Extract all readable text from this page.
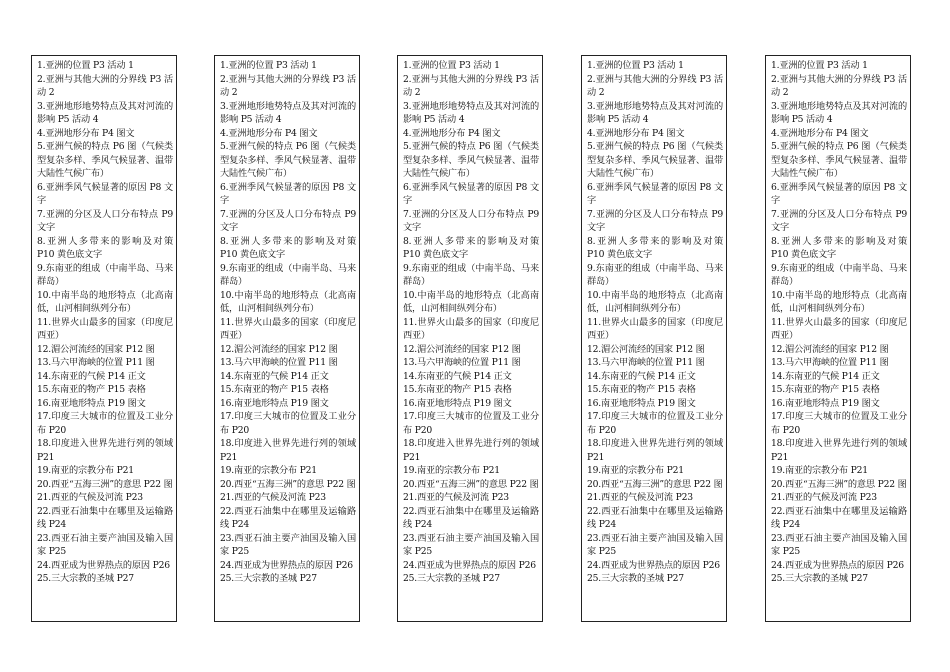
1.亚洲的位置 P3 活动 1
2.亚洲与其他大洲的分界线 P3 活动 2
3.亚洲地形地势特点及其对河流的影响 P5 活动 4
4.亚洲地形分布 P4 图文
5.亚洲气候的特点 P6 图（气候类型复杂多样、季风气候显著、温带大陆性气候广布）
6.亚洲季风气候显著的原因 P8 文字
7.亚洲的分区及人口分布特点 P9 文字
8.亚洲人多带来的影响及对策 P10 黄色底文字
9.东南亚的组成（中南半岛、马来群岛）
10.中南半岛的地形特点（北高南低，山河相间纵列分布）
11.世界火山最多的国家（印度尼西亚）
12.湄公河流经的国家 P12 图
13.马六甲海峡的位置 P11 图
14.东南亚的气候 P14 正文
15.东南亚的物产 P15 表格
16.南亚地形特点 P19 图文
17.印度三大城市的位置及工业分布 P20
18.印度进入世界先进行列的领域 P21
19.南亚的宗教分布 P21
20.西亚“五海三洲”的意思 P22 图
21.西亚的气候及河流 P23
22.西亚石油集中在哪里及运输路线 P24
23.西亚石油主要产油国及输入国家 P25
24.西亚成为世界热点的原因 P26
25.三大宗教的圣城 P27
1.亚洲的位置 P3 活动 1
2.亚洲与其他大洲的分界线 P3 活动 2
3.亚洲地形地势特点及其对河流的影响 P5 活动 4
4.亚洲地形分布 P4 图文
5.亚洲气候的特点 P6 图（气候类型复杂多样、季风气候显著、温带大陆性气候广布）
6.亚洲季风气候显著的原因 P8 文字
7.亚洲的分区及人口分布特点 P9 文字
8.亚洲人多带来的影响及对策 P10 黄色底文字
9.东南亚的组成（中南半岛、马来群岛）
10.中南半岛的地形特点（北高南低，山河相间纵列分布）
11.世界火山最多的国家（印度尼西亚）
12.湄公河流经的国家 P12 图
13.马六甲海峡的位置 P11 图
14.东南亚的气候 P14 正文
15.东南亚的物产 P15 表格
16.南亚地形特点 P19 图文
17.印度三大城市的位置及工业分布 P20
18.印度进入世界先进行列的领域 P21
19.南亚的宗教分布 P21
20.西亚“五海三洲”的意思 P22 图
21.西亚的气候及河流 P23
22.西亚石油集中在哪里及运输路线 P24
23.西亚石油主要产油国及输入国家 P25
24.西亚成为世界热点的原因 P26
25.三大宗教的圣城 P27
1.亚洲的位置 P3 活动 1
2.亚洲与其他大洲的分界线 P3 活动 2
3.亚洲地形地势特点及其对河流的影响 P5 活动 4
4.亚洲地形分布 P4 图文
5.亚洲气候的特点 P6 图（气候类型复杂多样、季风气候显著、温带大陆性气候广布）
6.亚洲季风气候显著的原因 P8 文字
7.亚洲的分区及人口分布特点 P9 文字
8.亚洲人多带来的影响及对策 P10 黄色底文字
9.东南亚的组成（中南半岛、马来群岛）
10.中南半岛的地形特点（北高南低，山河相间纵列分布）
11.世界火山最多的国家（印度尼西亚）
12.湄公河流经的国家 P12 图
13.马六甲海峡的位置 P11 图
14.东南亚的气候 P14 正文
15.东南亚的物产 P15 表格
16.南亚地形特点 P19 图文
17.印度三大城市的位置及工业分布 P20
18.印度进入世界先进行列的领域 P21
19.南亚的宗教分布 P21
20.西亚“五海三洲”的意思 P22 图
21.西亚的气候及河流 P23
22.西亚石油集中在哪里及运输路线 P24
23.西亚石油主要产油国及输入国家 P25
24.西亚成为世界热点的原因 P26
25.三大宗教的圣城 P27
1.亚洲的位置 P3 活动 1
2.亚洲与其他大洲的分界线 P3 活动 2
3.亚洲地形地势特点及其对河流的影响 P5 活动 4
4.亚洲地形分布 P4 图文
5.亚洲气候的特点 P6 图（气候类型复杂多样、季风气候显著、温带大陆性气候广布）
6.亚洲季风气候显著的原因 P8 文字
7.亚洲的分区及人口分布特点 P9 文字
8.亚洲人多带来的影响及对策 P10 黄色底文字
9.东南亚的组成（中南半岛、马来群岛）
10.中南半岛的地形特点（北高南低，山河相间纵列分布）
11.世界火山最多的国家（印度尼西亚）
12.湄公河流经的国家 P12 图
13.马六甲海峡的位置 P11 图
14.东南亚的气候 P14 正文
15.东南亚的物产 P15 表格
16.南亚地形特点 P19 图文
17.印度三大城市的位置及工业分布 P20
18.印度进入世界先进行列的领域 P21
19.南亚的宗教分布 P21
20.西亚“五海三洲”的意思 P22 图
21.西亚的气候及河流 P23
22.西亚石油集中在哪里及运输路线 P24
23.西亚石油主要产油国及输入国家 P25
24.西亚成为世界热点的原因 P26
25.三大宗教的圣城 P27
1.亚洲的位置 P3 活动 1
2.亚洲与其他大洲的分界线 P3 活动 2
3.亚洲地形地势特点及其对河流的影响 P5 活动 4
4.亚洲地形分布 P4 图文
5.亚洲气候的特点 P6 图（气候类型复杂多样、季风气候显著、温带大陆性气候广布）
6.亚洲季风气候显著的原因 P8 文字
7.亚洲的分区及人口分布特点 P9 文字
8.亚洲人多带来的影响及对策 P10 黄色底文字
9.东南亚的组成（中南半岛、马来群岛）
10.中南半岛的地形特点（北高南低，山河相间纵列分布）
11.世界火山最多的国家（印度尼西亚）
12.湄公河流经的国家 P12 图
13.马六甲海峡的位置 P11 图
14.东南亚的气候 P14 正文
15.东南亚的物产 P15 表格
16.南亚地形特点 P19 图文
17.印度三大城市的位置及工业分布 P20
18.印度进入世界先进行列的领域 P21
19.南亚的宗教分布 P21
20.西亚“五海三洲”的意思 P22 图
21.西亚的气候及河流 P23
22.西亚石油集中在哪里及运输路线 P24
23.西亚石油主要产油国及输入国家 P25
24.西亚成为世界热点的原因 P26
25.三大宗教的圣城 P27
